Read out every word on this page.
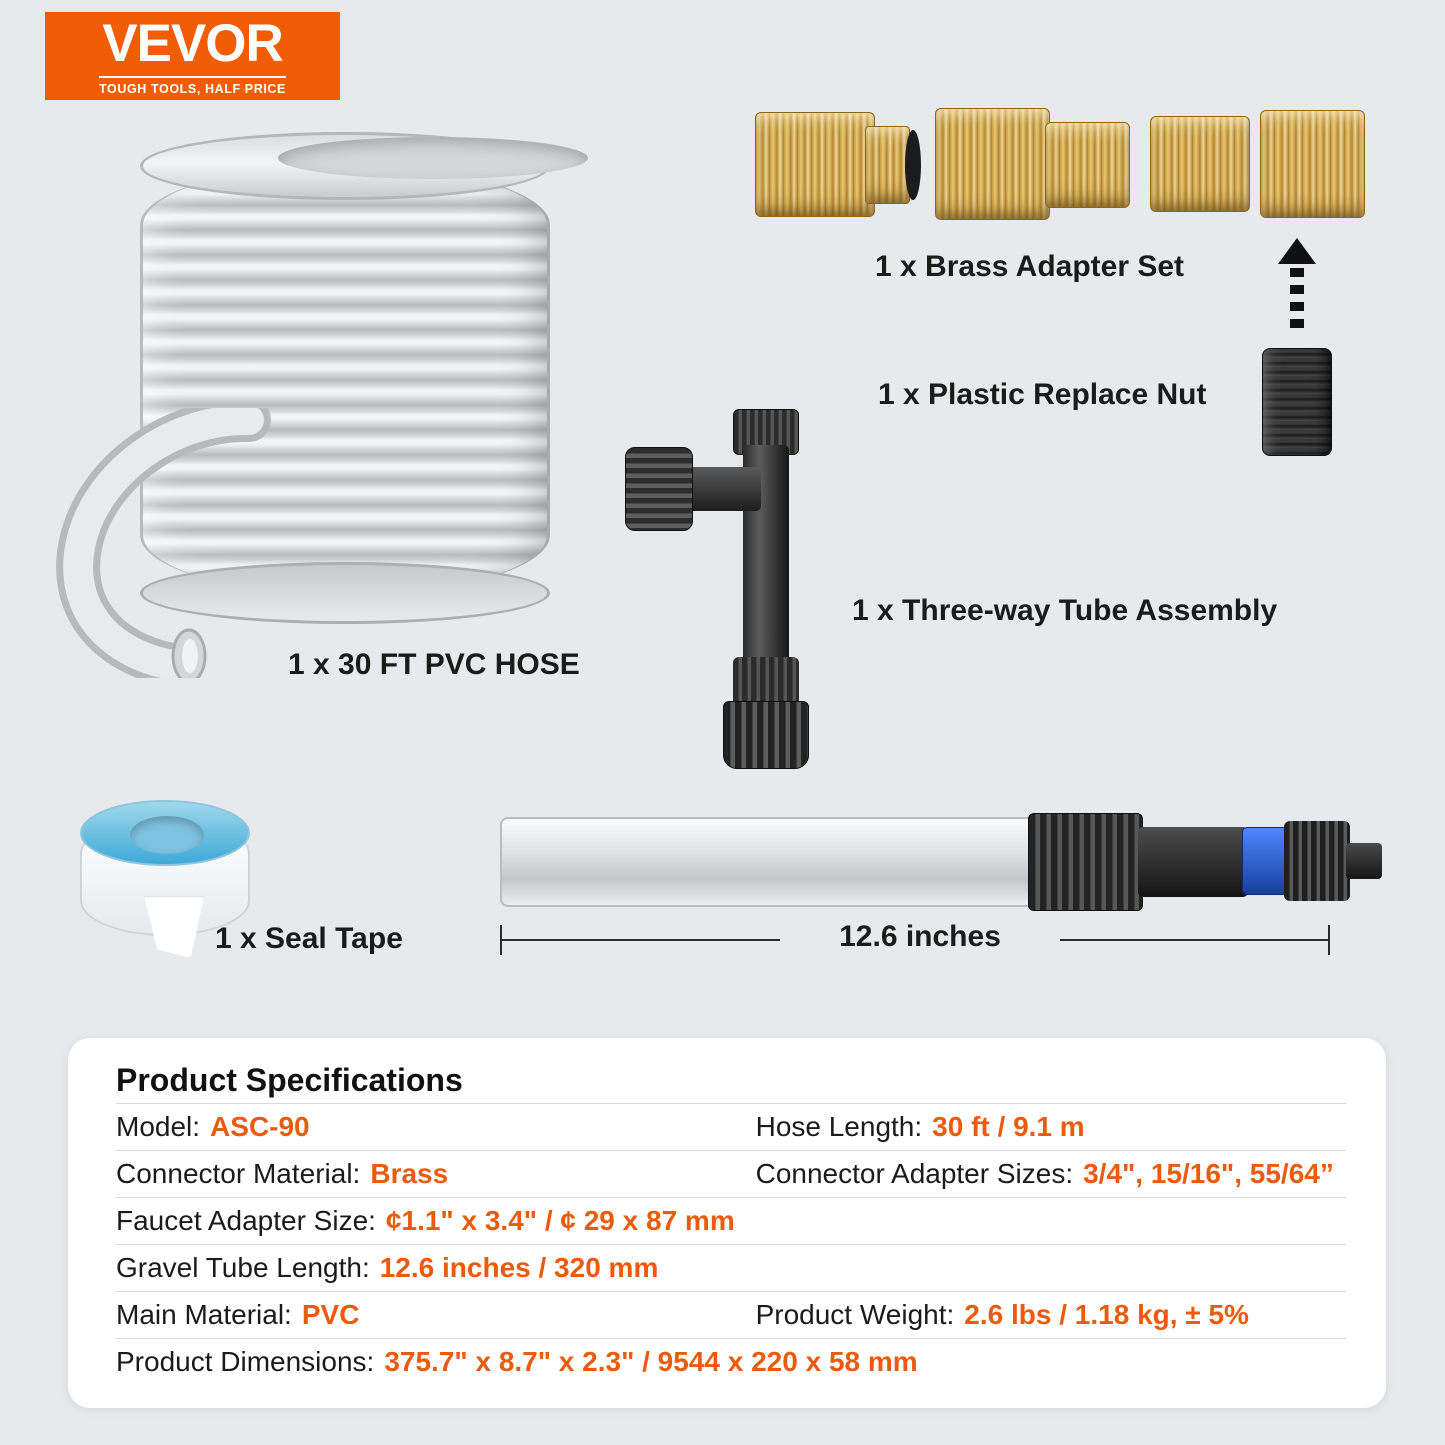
VEVOR
TOUGH TOOLS, HALF PRICE
1 x 30 FT PVC HOSE
1 x Brass Adapter Set
1 x Plastic Replace Nut
1 x Three-way Tube Assembly
1 x Seal Tape	12.6 inches
Product Specifications
Model: ASC-90	Hose Length: 30 ft / 9.1 m
Connector Material: Brass	Connector Adapter Sizes: 3/4", 15/16", 55/64”
Faucet Adapter Size: ¢1.1" x 3.4" / ¢ 29 x 87 mm
Gravel Tube Length: 12.6 inches / 320 mm
Main Material: PVC	Product Weight: 2.6 lbs / 1.18 kg, ± 5%
Product Dimensions: 375.7" x 8.7" x 2.3" / 9544 x 220 x 58 mm
